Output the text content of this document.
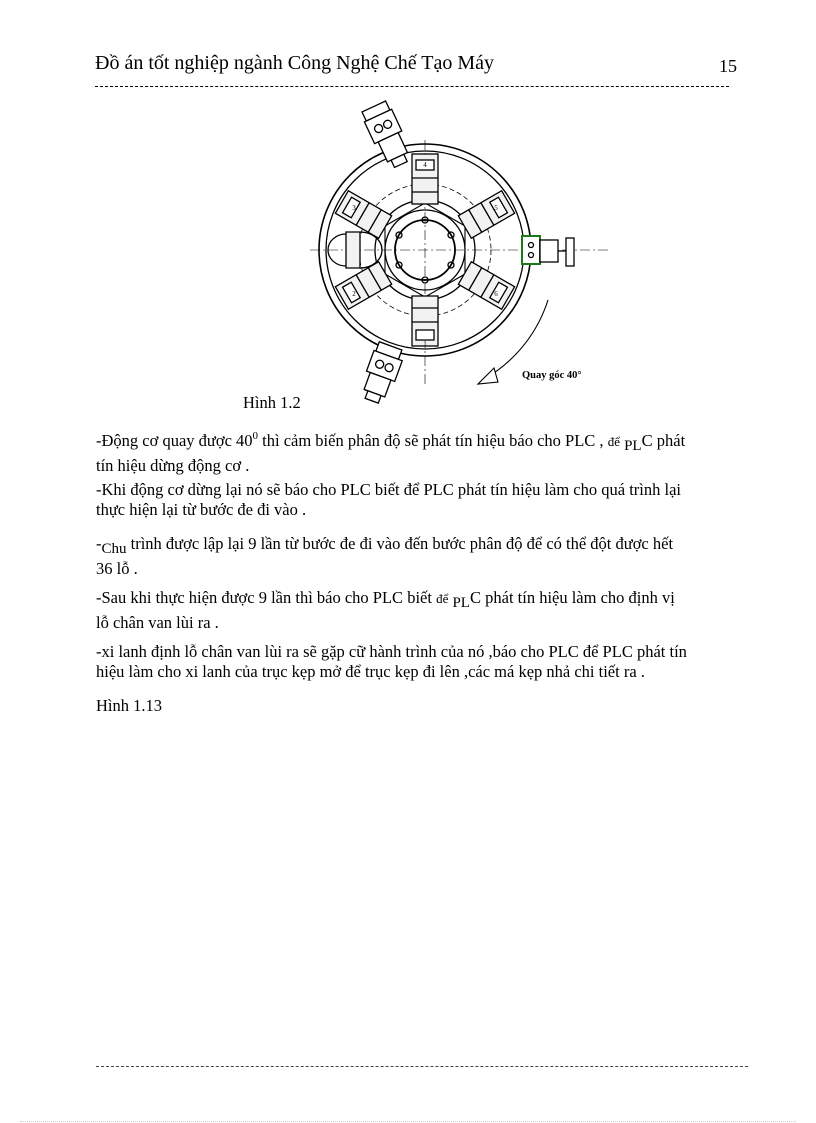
Đồ án tốt nghiệp ngành Công Nghệ Chế Tạo Máy	15
4
3	5
2	6
1
Quay góc 40°
Hình 1.2
-Động cơ quay được $40^0$ thì cảm biến phân độ sẽ phát tín hiệu báo cho PLC , để PLC phát
tín hiệu dừng động cơ .
-Khi động cơ dừng lại nó sẽ báo cho PLC biết để PLC phát tín hiệu làm cho quá trình lại
thực hiện lại từ bước đe đi vào .
-Chu trình được lập lại 9 lần từ bước đe đi vào đến bước phân độ để có thể đột được hết
36 lỗ .
-Sau khi thực hiện được 9 lần thì báo cho PLC biết để PLC phát tín hiệu làm cho định vị
lỗ chân van lùi ra .
-xi lanh định lỗ chân van lùi ra sẽ gặp cữ hành trình của nó ,báo cho PLC để PLC phát tín
hiệu làm cho xi lanh của trục kẹp mở để trục kẹp đi lên ,các má kẹp nhả chi tiết ra .
Hình 1.13
